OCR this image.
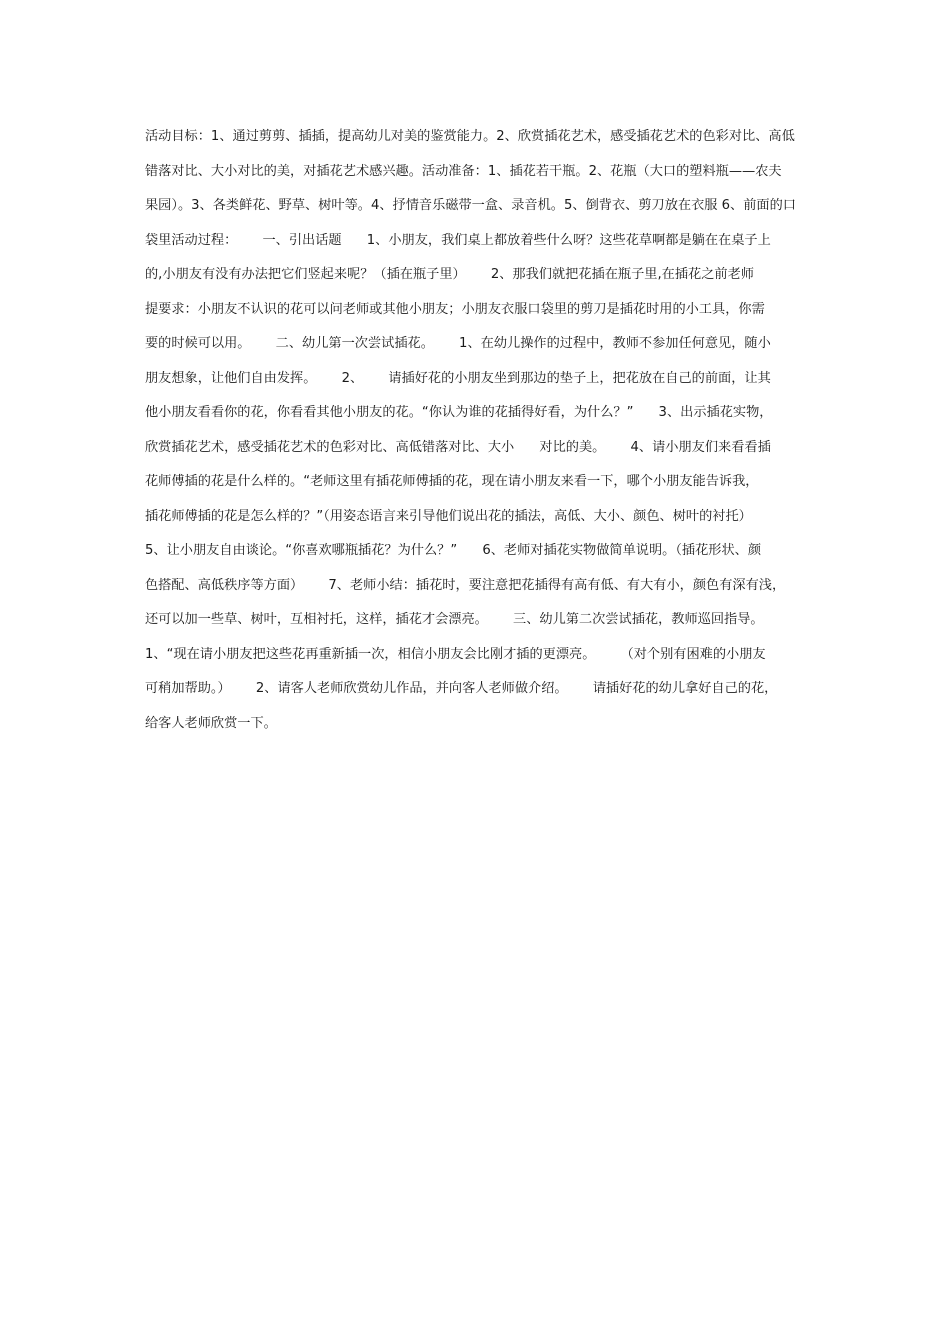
活动目标：1、通过剪剪、插插，提高幼儿对美的鉴赏能力。2、欣赏插花艺术，感受插花艺术的色彩对比、高低
错落对比、大小对比的美，对插花艺术感兴趣。活动准备：1、插花若干瓶。2、花瓶（大口的塑料瓶——农夫
果园）。3、各类鲜花、野草、树叶等。4、抒情音乐磁带一盒、录音机。5、倒背衣、剪刀放在衣服 6、前面的口
袋里活动过程：      一、引出话题      1、小朋友，我们桌上都放着些什么呀？这些花草啊都是躺在在桌子上
的,小朋友有没有办法把它们竖起来呢？（插在瓶子里）      2、那我们就把花插在瓶子里,在插花之前老师
提要求：小朋友不认识的花可以问老师或其他小朋友；小朋友衣服口袋里的剪刀是插花时用的小工具，你需
要的时候可以用。      二、幼儿第一次尝试插花。      1、在幼儿操作的过程中，教师不参加任何意见，随小
朋友想象，让他们自由发挥。      2、      请插好花的小朋友坐到那边的垫子上，把花放在自己的前面，让其
他小朋友看看你的花，你看看其他小朋友的花。“你认为谁的花插得好看，为什么？”      3、出示插花实物，
欣赏插花艺术，感受插花艺术的色彩对比、高低错落对比、大小      对比的美。      4、请小朋友们来看看插
花师傅插的花是什么样的。“老师这里有插花师傅插的花，现在请小朋友来看一下，哪个小朋友能告诉我，
插花师傅插的花是怎么样的？”（用姿态语言来引导他们说出花的插法，高低、大小、颜色、树叶的衬托）
5、让小朋友自由谈论。“你喜欢哪瓶插花？为什么？”      6、老师对插花实物做简单说明。（插花形状、颜
色搭配、高低秩序等方面）      7、老师小结：插花时，要注意把花插得有高有低、有大有小，颜色有深有浅，
还可以加一些草、树叶，互相衬托，这样，插花才会漂亮。      三、幼儿第二次尝试插花，教师巡回指导。
1、“现在请小朋友把这些花再重新插一次，相信小朋友会比刚才插的更漂亮。      （对个别有困难的小朋友
可稍加帮助。）      2、请客人老师欣赏幼儿作品，并向客人老师做介绍。      请插好花的幼儿拿好自己的花，
给客人老师欣赏一下。
